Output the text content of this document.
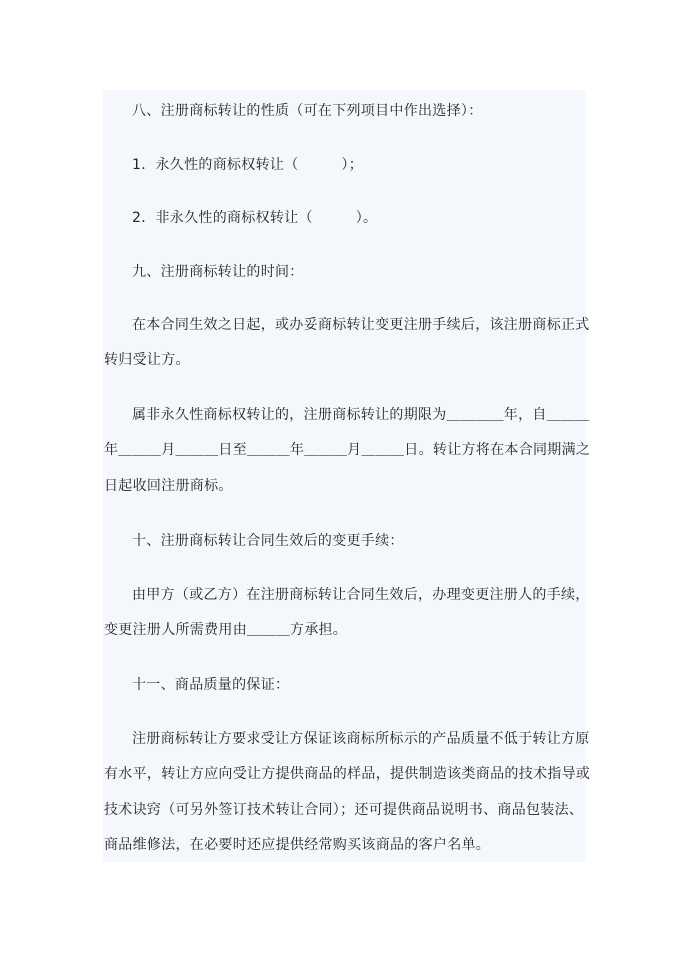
八、注册商标转让的性质（可在下列项目中作出选择）：
1．永久性的商标权转让（　　　）；
2．非永久性的商标权转让（　　　）。
九、注册商标转让的时间：
在本合同生效之日起，或办妥商标转让变更注册手续后，该注册商标正式
转归受让方。
属非永久性商标权转让的，注册商标转让的期限为＿＿＿＿年，自＿＿＿
年＿＿＿月＿＿＿日至＿＿＿年＿＿＿月＿＿＿日。转让方将在本合同期满之
日起收回注册商标。
十、注册商标转让合同生效后的变更手续：
由甲方（或乙方）在注册商标转让合同生效后，办理变更注册人的手续，
变更注册人所需费用由＿＿＿方承担。
十一、商品质量的保证：
注册商标转让方要求受让方保证该商标所标示的产品质量不低于转让方原
有水平，转让方应向受让方提供商品的样品，提供制造该类商品的技术指导或
技术诀窍（可另外签订技术转让合同）；还可提供商品说明书、商品包装法、
商品维修法，在必要时还应提供经常购买该商品的客户名单。
